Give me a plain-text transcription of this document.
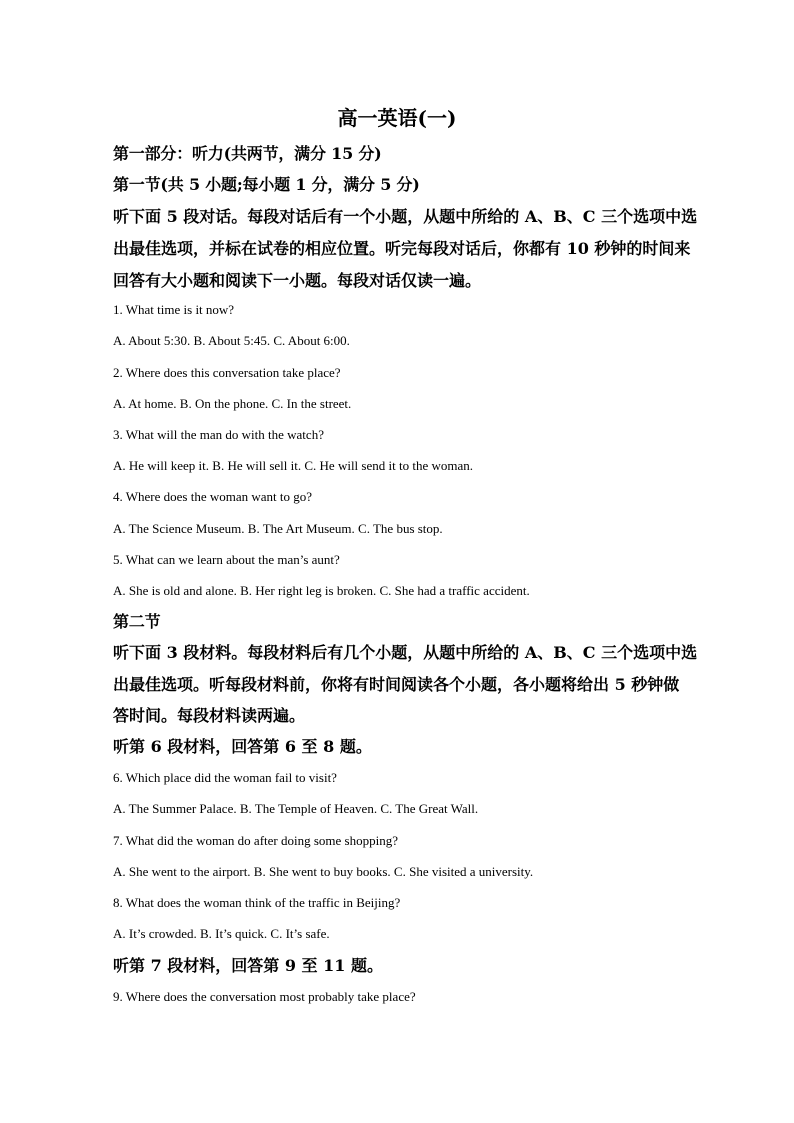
高一英语(一)
第一部分：听力(共两节，满分 15 分)
第一节(共 5 小题;每小题 1 分，满分 5 分)
听下面 5 段对话。每段对话后有一个小题，从题中所给的 A、B、C 三个选项中选
出最佳选项，并标在试卷的相应位置。听完每段对话后，你都有 10 秒钟的时间来
回答有大小题和阅读下一小题。每段对话仅读一遍。
1. What time is it now?
A. About 5:30. B. About 5:45. C. About 6:00.
2. Where does this conversation take place?
A. At home. B. On the phone. C. In the street.
3. What will the man do with the watch?
A. He will keep it. B. He will sell it. C. He will send it to the woman.
4. Where does the woman want to go?
A. The Science Museum. B. The Art Museum. C. The bus stop.
5. What can we learn about the man’s aunt?
A. She is old and alone. B. Her right leg is broken. C. She had a traffic accident.
第二节
听下面 3 段材料。每段材料后有几个小题，从题中所给的 A、B、C 三个选项中选
出最佳选项。听每段材料前，你将有时间阅读各个小题，各小题将给出 5 秒钟做
答时间。每段材料读两遍。
听第 6 段材料，回答第 6 至 8 题。
6. Which place did the woman fail to visit?
A. The Summer Palace. B. The Temple of Heaven. C. The Great Wall.
7. What did the woman do after doing some shopping?
A. She went to the airport. B. She went to buy books. C. She visited a university.
8. What does the woman think of the traffic in Beijing?
A. It’s crowded. B. It’s quick. C. It’s safe.
听第 7 段材料，回答第 9 至 11 题。
9. Where does the conversation most probably take place?
